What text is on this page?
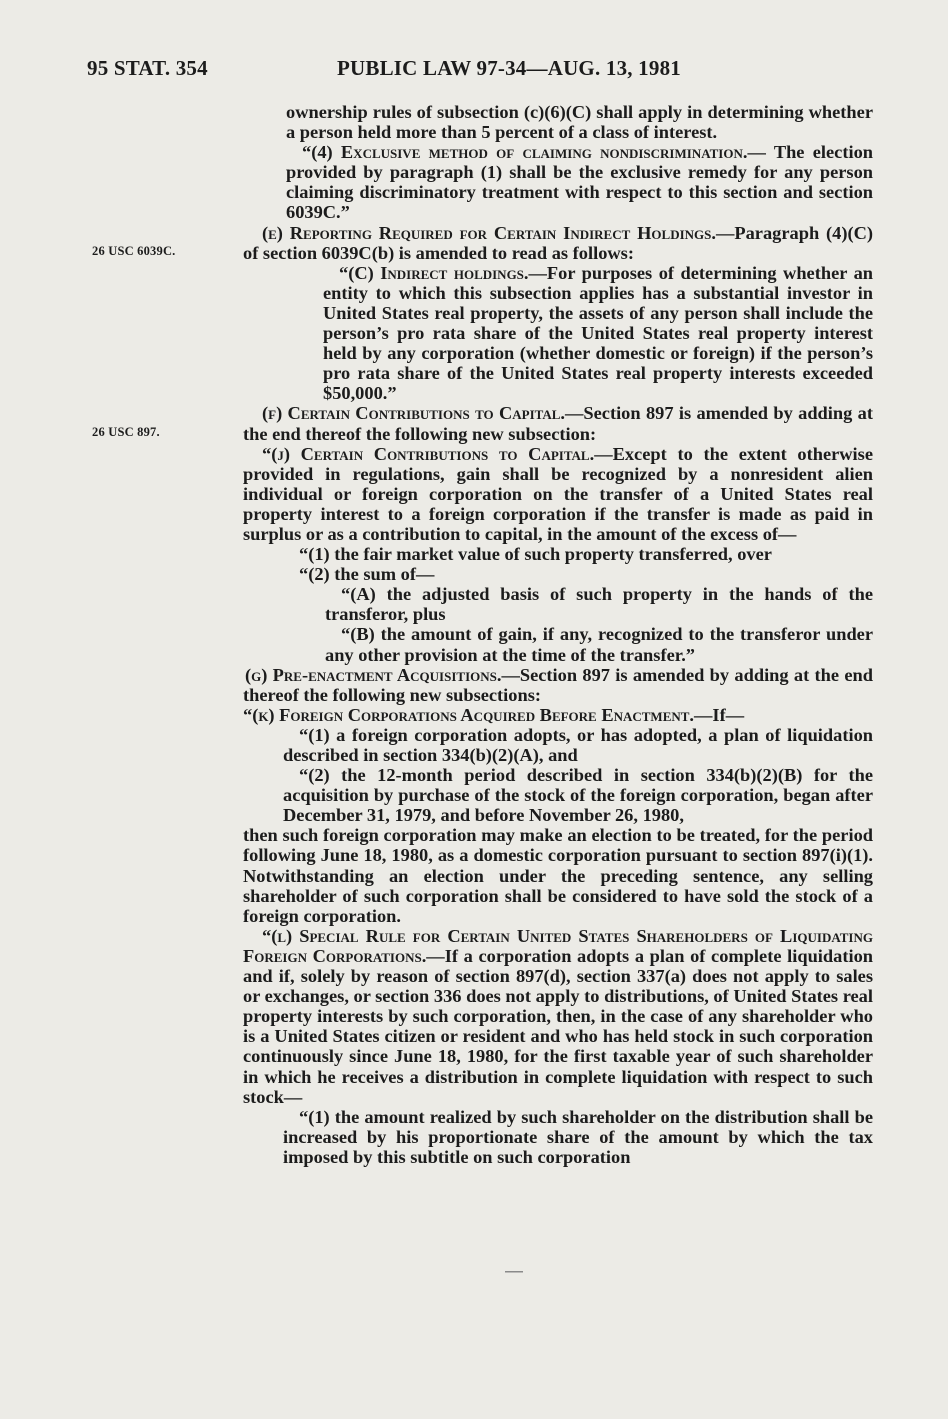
95 STAT. 354	PUBLIC LAW 97-34—AUG. 13, 1981
26 USC 6039C.
26 USC 897.

ownership rules of subsection (c)(6)(C) shall apply in determining whether a person held more than 5 percent of a class of interest.

“(4) Exclusive method of claiming nondiscrimination.— The election provided by paragraph (1) shall be the exclusive remedy for any person claiming discriminatory treatment with respect to this section and section 6039C.”

(e) Reporting Required for Certain Indirect Holdings.—Paragraph (4)(C) of section 6039C(b) is amended to read as follows:

“(C) Indirect holdings.—For purposes of determining whether an entity to which this subsection applies has a substantial investor in United States real property, the assets of any person shall include the person’s pro rata share of the United States real property interest held by any corporation (whether domestic or foreign) if the person’s pro rata share of the United States real property interests exceeded $50,000.”

(f) Certain Contributions to Capital.—Section 897 is amended by adding at the end thereof the following new subsection:

“(j) Certain Contributions to Capital.—Except to the extent otherwise provided in regulations, gain shall be recognized by a nonresident alien individual or foreign corporation on the transfer of a United States real property interest to a foreign corporation if the transfer is made as paid in surplus or as a contribution to capital, in the amount of the excess of—

“(1) the fair market value of such property transferred, over

“(2) the sum of—

“(A) the adjusted basis of such property in the hands of the transferor, plus

“(B) the amount of gain, if any, recognized to the transferor under any other provision at the time of the transfer.”

(g) Pre-enactment Acquisitions.—Section 897 is amended by adding at the end thereof the following new subsections:

“(k) Foreign Corporations Acquired Before Enactment.—If—

“(1) a foreign corporation adopts, or has adopted, a plan of liquidation described in section 334(b)(2)(A), and

“(2) the 12-month period described in section 334(b)(2)(B) for the acquisition by purchase of the stock of the foreign corporation, began after December 31, 1979, and before November 26, 1980,

then such foreign corporation may make an election to be treated, for the period following June 18, 1980, as a domestic corporation pursuant to section 897(i)(1). Notwithstanding an election under the preceding sentence, any selling shareholder of such corporation shall be considered to have sold the stock of a foreign corporation.

“(l) Special Rule for Certain United States Shareholders of Liquidating Foreign Corporations.—If a corporation adopts a plan of complete liquidation and if, solely by reason of section 897(d), section 337(a) does not apply to sales or exchanges, or section 336 does not apply to distributions, of United States real property interests by such corporation, then, in the case of any shareholder who is a United States citizen or resident and who has held stock in such corporation continuously since June 18, 1980, for the first taxable year of such shareholder in which he receives a distribution in complete liquidation with respect to such stock—

“(1) the amount realized by such shareholder on the distribution shall be increased by his proportionate share of the amount by which the tax imposed by this subtitle on such corporation
